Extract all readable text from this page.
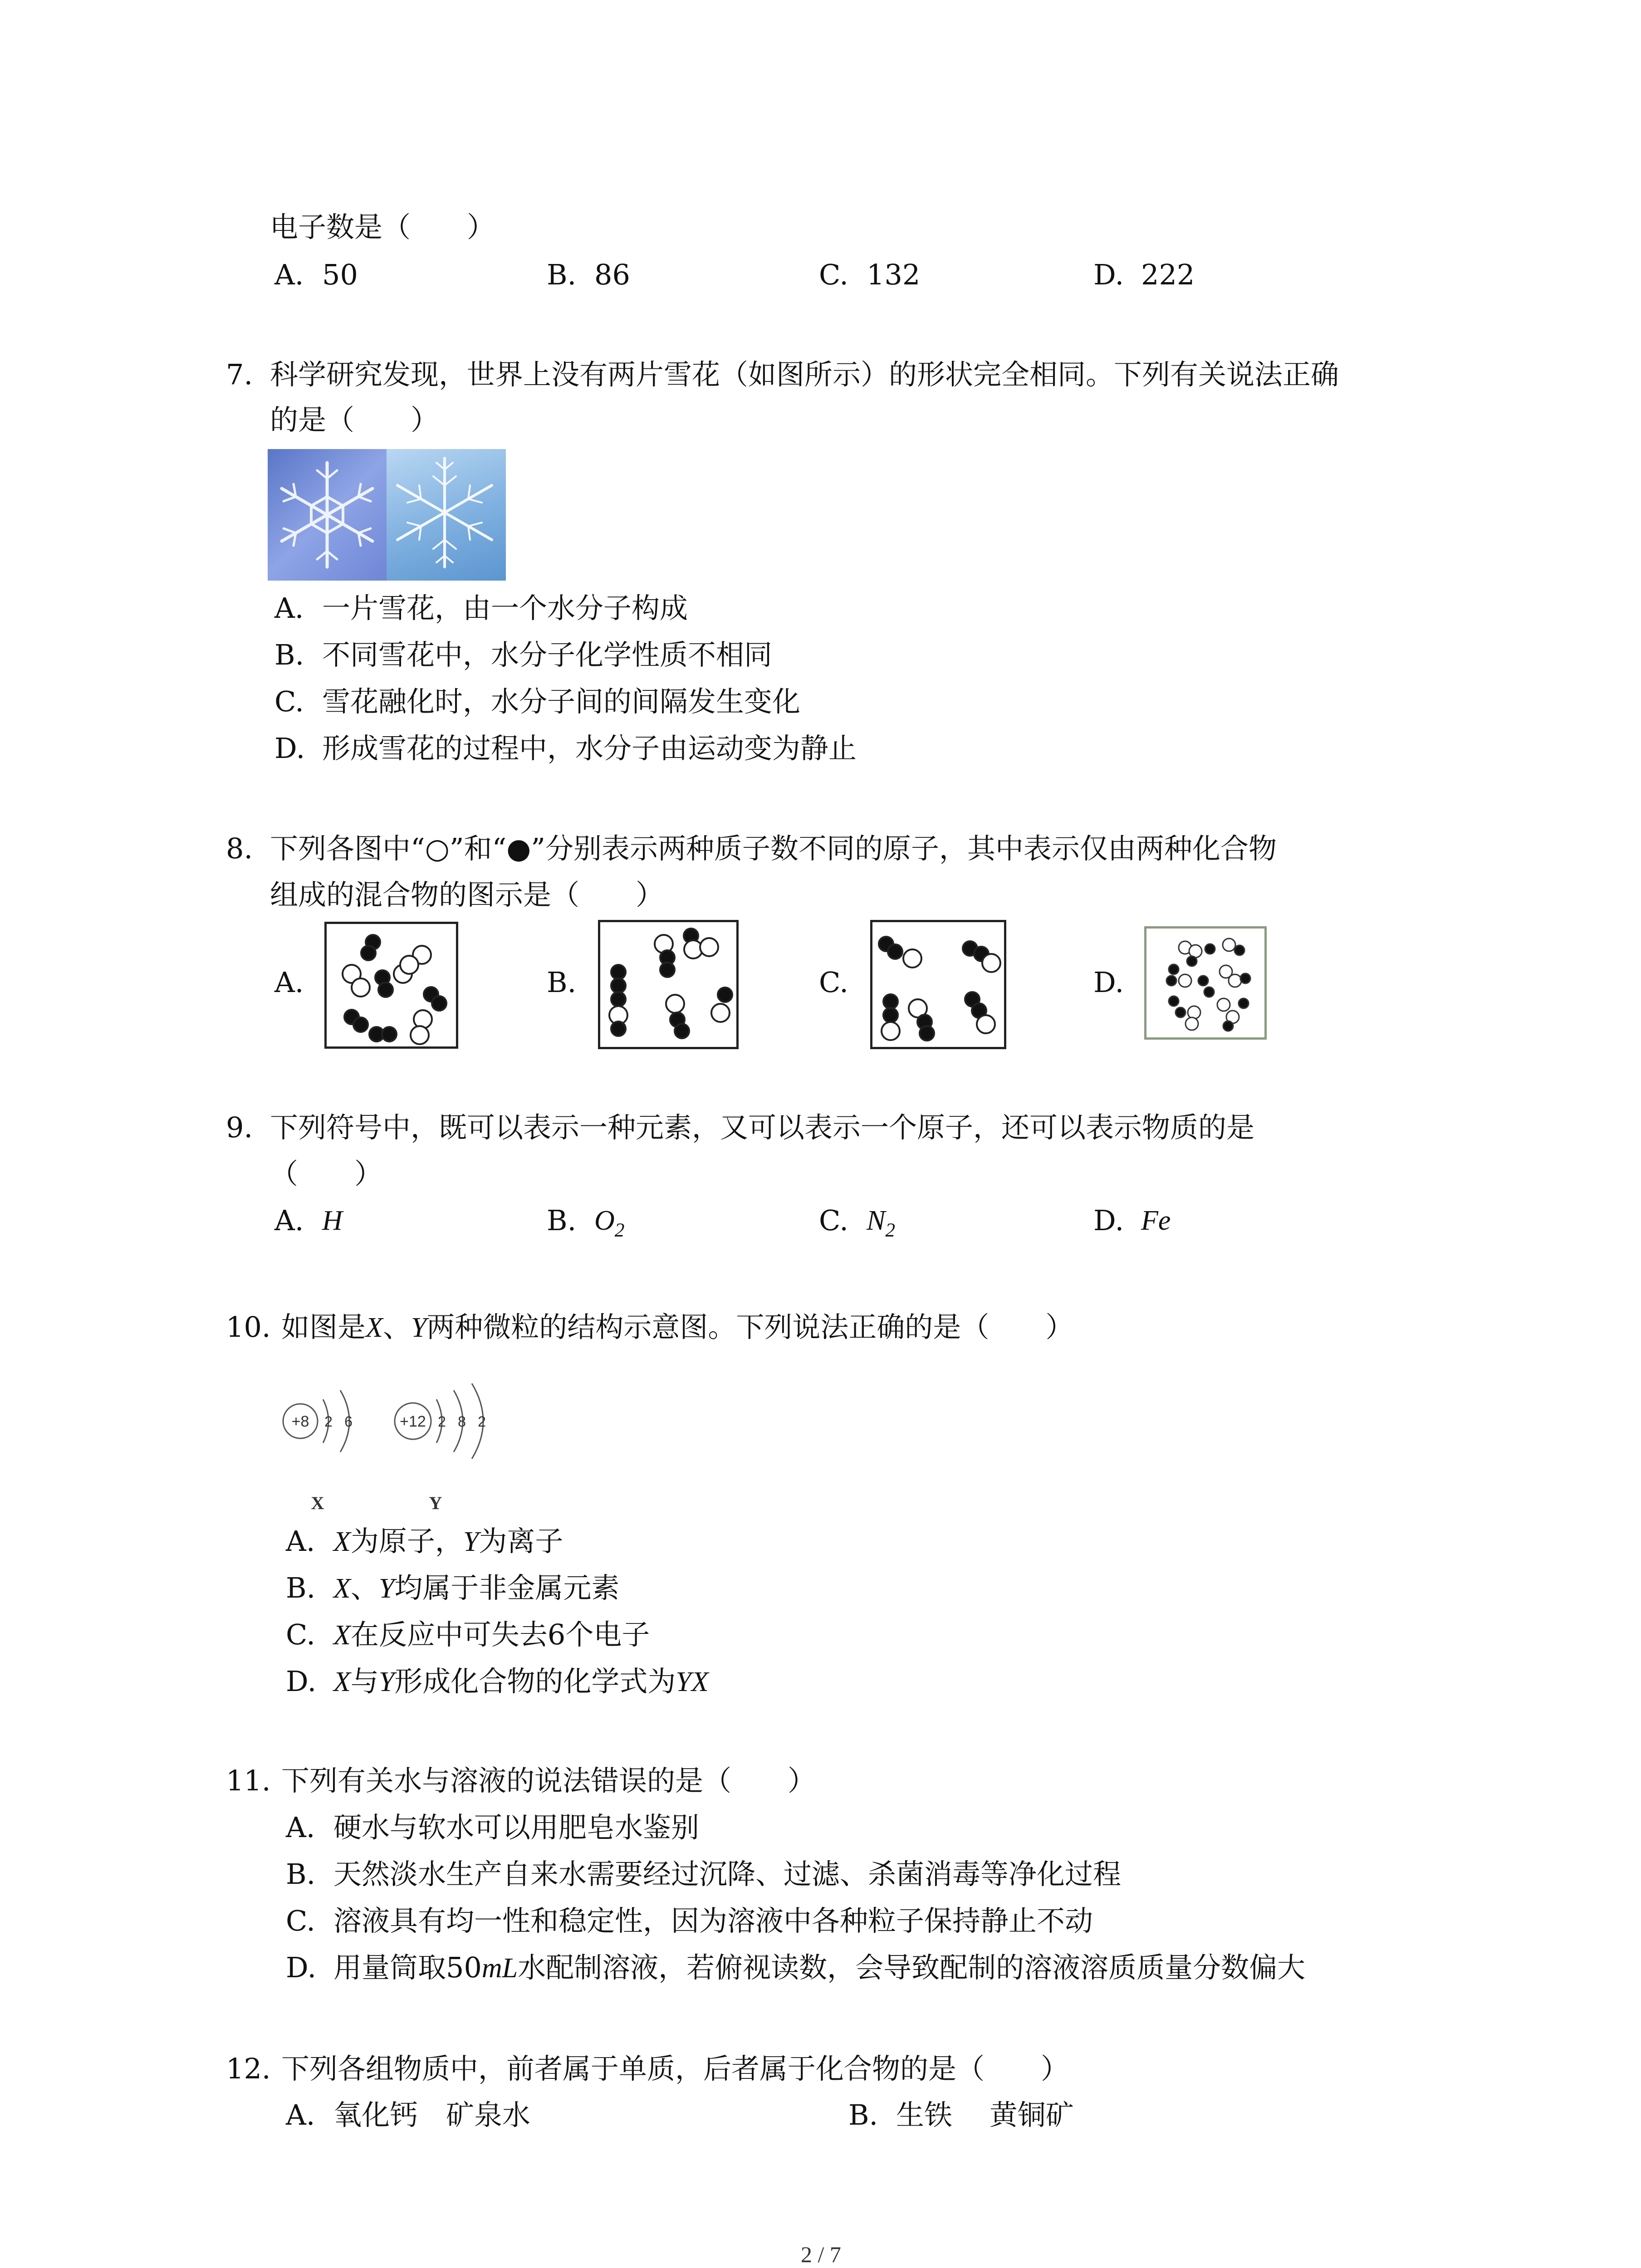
电子数是（　　）
A. 50	B. 86	C. 132	D. 222
7. 科学研究发现，世界上没有两片雪花（如图所示）的形状完全相同。下列有关说法正确
的是（　　）
A. 一片雪花，由一个水分子构成
B. 不同雪花中，水分子化学性质不相同
C. 雪花融化时，水分子间的间隔发生变化
D. 形成雪花的过程中，水分子由运动变为静止
8. 下列各图中“○”和“●”分别表示两种质子数不同的原子，其中表示仅由两种化合物
组成的混合物的图示是（　　）
A.	B.	C.	D.
9. 下列符号中，既可以表示一种元素，又可以表示一个原子，还可以表示物质的是
（　　）
A. H	B. $O_2$	C. $N_2$	D. Fe
10. 如图是X、Y两种微粒的结构示意图。下列说法正确的是（　　）
+8 2 6	+12 2 8 2
X	Y
A. X为原子，Y为离子
B. X、Y均属于非金属元素
C. X在反应中可失去6个电子
D. X与Y形成化合物的化学式为YX
11. 下列有关水与溶液的说法错误的是（　　）
A. 硬水与软水可以用肥皂水鉴别
B. 天然淡水生产自来水需要经过沉降、过滤、杀菌消毒等净化过程
C. 溶液具有均一性和稳定性，因为溶液中各种粒子保持静止不动
D. 用量筒取50mL水配制溶液，若俯视读数，会导致配制的溶液溶质质量分数偏大
12. 下列各组物质中，前者属于单质，后者属于化合物的是（　　）
A. 氧化钙　矿泉水	B. 生铁　 黄铜矿
2 / 7
